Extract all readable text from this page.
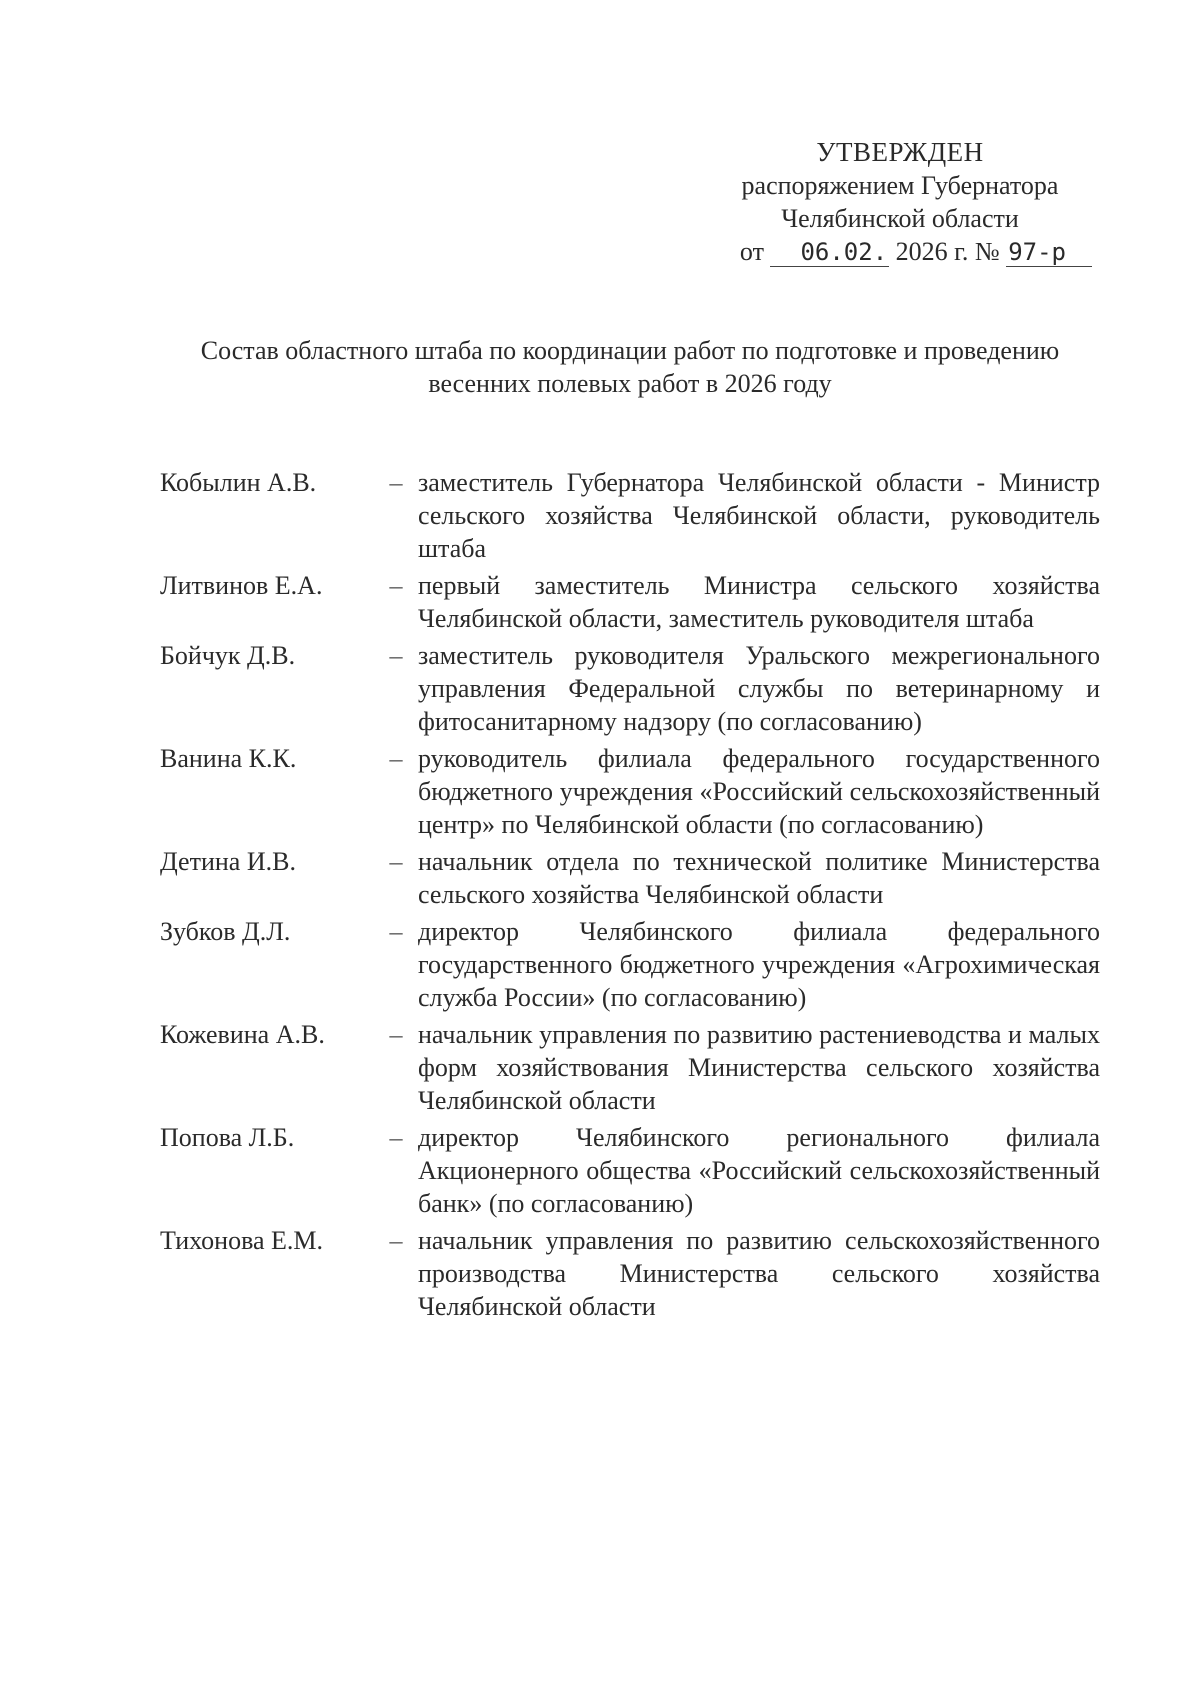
УТВЕРЖДЕН
распоряжением Губернатора
Челябинской области
от 06.02. 2026 г. № 97-р
Состав областного штаба по координации работ по подготовке и проведению
весенних полевых работ в 2026 году
Кобылин А.В.	– заместитель Губернатора Челябинской области - Министр сельского хозяйства Челябинской области, руководитель штаба
Литвинов Е.А.	– первый заместитель Министра сельского хозяйства Челябинской области, заместитель руководителя штаба
Бойчук Д.В.	– заместитель руководителя Уральского межрегионального управления Федеральной службы по ветеринарному и фитосанитарному надзору (по согласованию)
Ванина К.К.	– руководитель филиала федерального государственного бюджетного учреждения «Российский сельскохозяйственный центр» по Челябинской области (по согласованию)
Детина И.В.	– начальник отдела по технической политике Министерства сельского хозяйства Челябинской области
Зубков Д.Л.	– директор Челябинского филиала федерального государственного бюджетного учреждения «Агрохимическая служба России» (по согласованию)
Кожевина А.В.	– начальник управления по развитию растениеводства и малых форм хозяйствования Министерства сельского хозяйства Челябинской области
Попова Л.Б.	– директор Челябинского регионального филиала Акционерного общества «Российский сельскохозяйственный банк» (по согласованию)
Тихонова Е.М.	– начальник управления по развитию сельскохозяйственного производства Министерства сельского хозяйства Челябинской области
